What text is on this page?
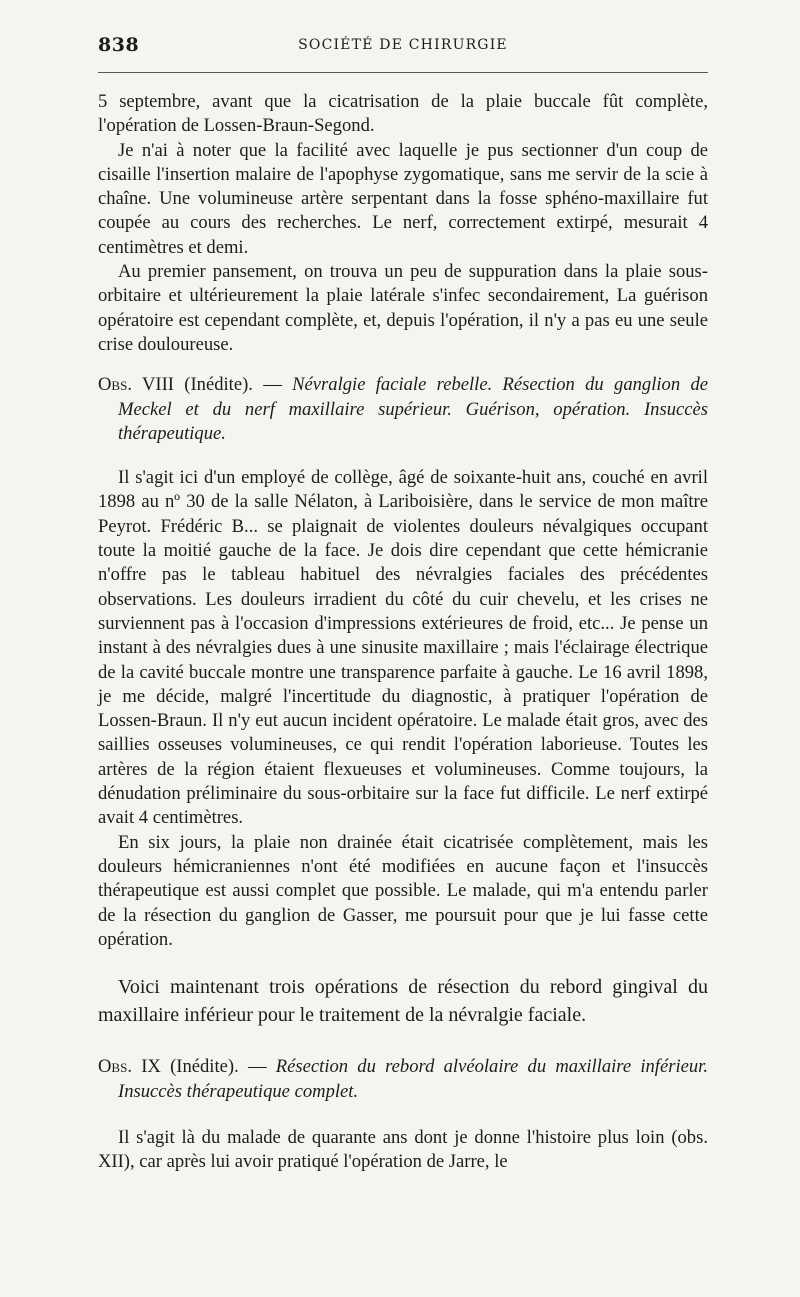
838	SOCIÉTÉ DE CHIRURGIE

5 septembre, avant que la cicatrisation de la plaie buccale fût complète, l'opération de Lossen-Braun-Segond.

Je n'ai à noter que la facilité avec laquelle je pus sectionner d'un coup de cisaille l'insertion malaire de l'apophyse zygomatique, sans me servir de la scie à chaîne. Une volumineuse artère serpentant dans la fosse sphéno-maxillaire fut coupée au cours des recherches. Le nerf, correctement extirpé, mesurait 4 centimètres et demi.

Au premier pansement, on trouva un peu de suppuration dans la plaie sous-orbitaire et ultérieurement la plaie latérale s'infec secondairement, La guérison opératoire est cependant complète, et, depuis l'opération, il n'y a pas eu une seule crise douloureuse.

Obs. VIII (Inédite). — Névralgie faciale rebelle. Résection du ganglion de Meckel et du nerf maxillaire supérieur. Guérison, opération. Insuccès thérapeutique.

Il s'agit ici d'un employé de collège, âgé de soixante-huit ans, couché en avril 1898 au nº 30 de la salle Nélaton, à Lariboisière, dans le service de mon maître Peyrot. Frédéric B... se plaignait de violentes douleurs névalgiques occupant toute la moitié gauche de la face. Je dois dire cependant que cette hémicranie n'offre pas le tableau habituel des névralgies faciales des précédentes observations. Les douleurs irradient du côté du cuir chevelu, et les crises ne surviennent pas à l'occasion d'impressions extérieures de froid, etc... Je pense un instant à des névralgies dues à une sinusite maxillaire ; mais l'éclairage électrique de la cavité buccale montre une transparence parfaite à gauche. Le 16 avril 1898, je me décide, malgré l'incertitude du diagnostic, à pratiquer l'opération de Lossen-Braun. Il n'y eut aucun incident opératoire. Le malade était gros, avec des saillies osseuses volumineuses, ce qui rendit l'opération laborieuse. Toutes les artères de la région étaient flexueuses et volumineuses. Comme toujours, la dénudation préliminaire du sous-orbitaire sur la face fut difficile. Le nerf extirpé avait 4 centimètres.

En six jours, la plaie non drainée était cicatrisée complètement, mais les douleurs hémicraniennes n'ont été modifiées en aucune façon et l'insuccès thérapeutique est aussi complet que possible. Le malade, qui m'a entendu parler de la résection du ganglion de Gasser, me poursuit pour que je lui fasse cette opération.

Voici maintenant trois opérations de résection du rebord gingival du maxillaire inférieur pour le traitement de la névralgie faciale.

Obs. IX (Inédite). — Résection du rebord alvéolaire du maxillaire inférieur. Insuccès thérapeutique complet.

Il s'agit là du malade de quarante ans dont je donne l'histoire plus loin (obs. XII), car après lui avoir pratiqué l'opération de Jarre, le
